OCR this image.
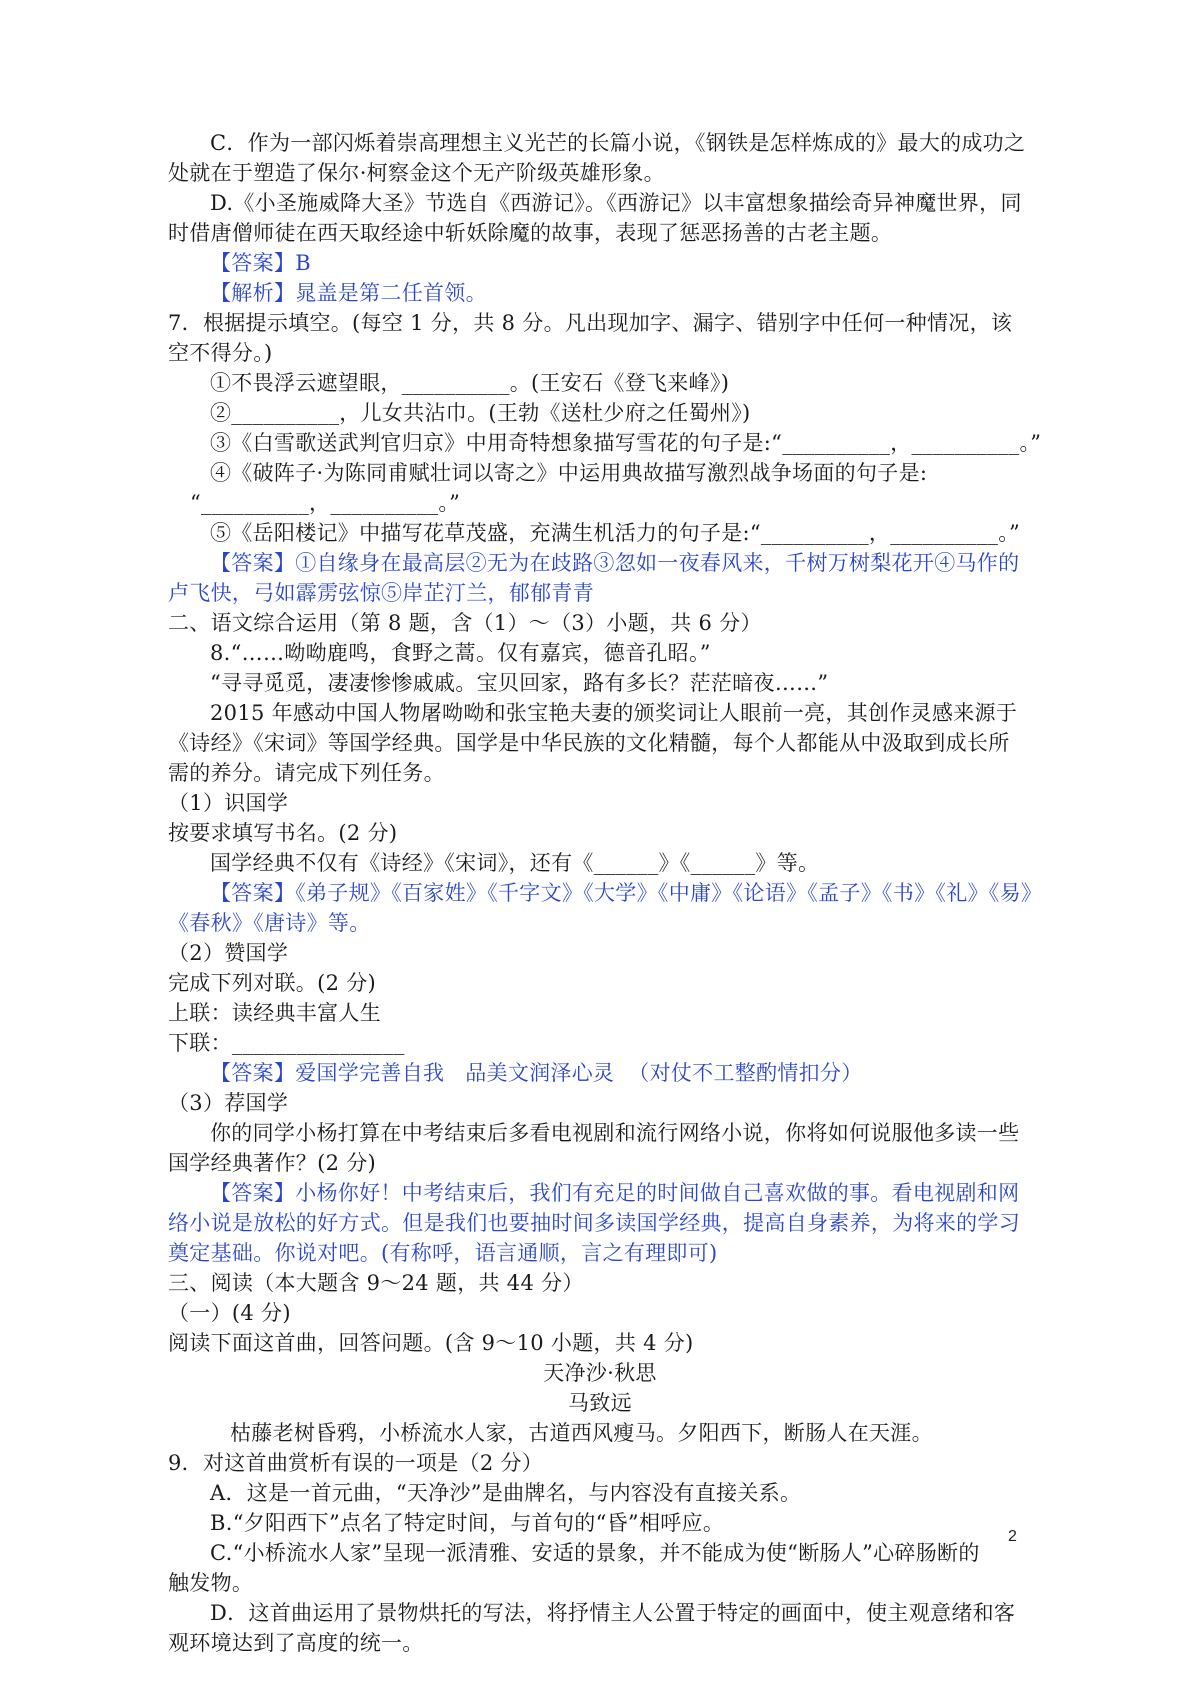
C．作为一部闪烁着崇高理想主义光芒的长篇小说，《钢铁是怎样炼成的》最大的成功之

处就在于塑造了保尔·柯察金这个无产阶级英雄形象。

D.《小圣施威降大圣》节选自《西游记》。《西游记》以丰富想象描绘奇异神魔世界，同

时借唐僧师徒在西天取经途中斩妖除魔的故事，表现了惩恶扬善的古老主题。

【答案】B

【解析】晁盖是第二任首领。

7．根据提示填空。(每空 1 分，共 8 分。凡出现加字、漏字、错别字中任何一种情况，该

空不得分。)

①不畏浮云遮望眼，__________。(王安石《登飞来峰》)

②__________，儿女共沾巾。(王勃《送杜少府之任蜀州》)

③《白雪歌送武判官归京》中用奇特想象描写雪花的句子是:“__________，__________。”

④《破阵子·为陈同甫赋壮词以寄之》中运用典故描写激烈战争场面的句子是:

“__________，__________。”

⑤《岳阳楼记》中描写花草茂盛，充满生机活力的句子是:“__________，__________。”

【答案】①自缘身在最高层②无为在歧路③忽如一夜春风来，千树万树梨花开④马作的

卢飞快，弓如霹雳弦惊⑤岸芷汀兰，郁郁青青

二、语文综合运用（第 8 题，含（1）～（3）小题，共 6 分）

8.“……呦呦鹿鸣，食野之蒿。仅有嘉宾，德音孔昭。”

“寻寻觅觅，凄凄惨惨戚戚。宝贝回家，路有多长？茫茫暗夜……”

2015 年感动中国人物屠呦呦和张宝艳夫妻的颁奖词让人眼前一亮，其创作灵感来源于

《诗经》《宋词》等国学经典。国学是中华民族的文化精髓，每个人都能从中汲取到成长所

需的养分。请完成下列任务。

（1）识国学

按要求填写书名。(2 分)

国学经典不仅有《诗经》《宋词》，还有《______》《______》等。

【答案】《弟子规》《百家姓》《千字文》《大学》《中庸》《论语》《孟子》《书》《礼》《易》

《春秋》《唐诗》等。

（2）赞国学

完成下列对联。(2 分)

上联：读经典丰富人生

下联：________________

【答案】爱国学完善自我   品美文润泽心灵  （对仗不工整酌情扣分）

（3）荐国学

你的同学小杨打算在中考结束后多看电视剧和流行网络小说，你将如何说服他多读一些

国学经典著作？(2 分)

【答案】小杨你好！中考结束后，我们有充足的时间做自己喜欢做的事。看电视剧和网

络小说是放松的好方式。但是我们也要抽时间多读国学经典，提高自身素养，为将来的学习

奠定基础。你说对吧。(有称呼，语言通顺，言之有理即可)

三、阅读（本大题含 9～24 题，共 44 分）

（一）(4 分)

阅读下面这首曲，回答问题。(含 9～10 小题，共 4 分)

天净沙·秋思

马致远

枯藤老树昏鸦，小桥流水人家，古道西风瘦马。夕阳西下，断肠人在天涯。

9．对这首曲赏析有误的一项是（2 分）

A．这是一首元曲，“天净沙”是曲牌名，与内容没有直接关系。

B.“夕阳西下”点名了特定时间，与首句的“昏”相呼应。

C.“小桥流水人家”呈现一派清雅、安适的景象，并不能成为使“断肠人”心碎肠断的

触发物。

D．这首曲运用了景物烘托的写法，将抒情主人公置于特定的画面中，使主观意绪和客

观环境达到了高度的统一。

2
